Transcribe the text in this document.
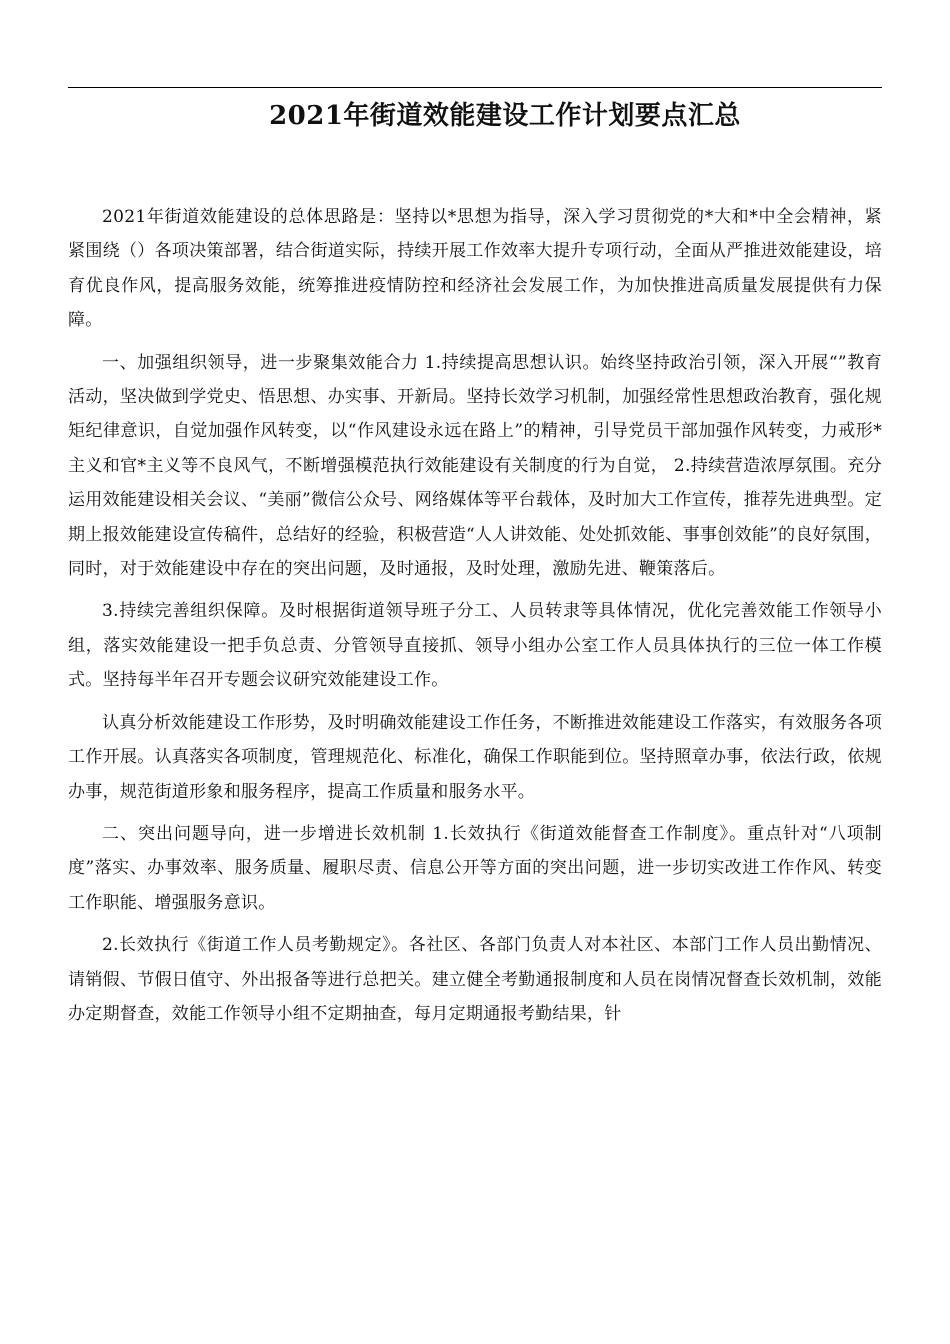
2021年街道效能建设工作计划要点汇总

2021年街道效能建设的总体思路是：坚持以*思想为指导，深入学习贯彻党的*大和*中全会精神，紧紧围绕（）各项决策部署，结合街道实际，持续开展工作效率大提升专项行动，全面从严推进效能建设，培育优良作风，提高服务效能，统筹推进疫情防控和经济社会发展工作，为加快推进高质量发展提供有力保障。

一、加强组织领导，进一步聚集效能合力 1.持续提高思想认识。始终坚持政治引领，深入开展“”教育活动，坚决做到学党史、悟思想、办实事、开新局。坚持长效学习机制，加强经常性思想政治教育，强化规矩纪律意识，自觉加强作风转变，以“作风建设永远在路上”的精神，引导党员干部加强作风转变，力戒形*主义和官*主义等不良风气，不断增强模范执行效能建设有关制度的行为自觉， 2.持续营造浓厚氛围。充分运用效能建设相关会议、“美丽”微信公众号、网络媒体等平台载体，及时加大工作宣传，推荐先进典型。定期上报效能建设宣传稿件，总结好的经验，积极营造“人人讲效能、处处抓效能、事事创效能”的良好氛围，同时，对于效能建设中存在的突出问题，及时通报，及时处理，激励先进、鞭策落后。

3.持续完善组织保障。及时根据街道领导班子分工、人员转隶等具体情况，优化完善效能工作领导小组，落实效能建设一把手负总责、分管领导直接抓、领导小组办公室工作人员具体执行的三位一体工作模式。坚持每半年召开专题会议研究效能建设工作。

认真分析效能建设工作形势，及时明确效能建设工作任务，不断推进效能建设工作落实，有效服务各项工作开展。认真落实各项制度，管理规范化、标准化，确保工作职能到位。坚持照章办事，依法行政，依规办事，规范街道形象和服务程序，提高工作质量和服务水平。

二、突出问题导向，进一步增进长效机制 1.长效执行《街道效能督查工作制度》。重点针对“八项制度”落实、办事效率、服务质量、履职尽责、信息公开等方面的突出问题，进一步切实改进工作作风、转变工作职能、增强服务意识。

2.长效执行《街道工作人员考勤规定》。各社区、各部门负责人对本社区、本部门工作人员出勤情况、请销假、节假日值守、外出报备等进行总把关。建立健全考勤通报制度和人员在岗情况督查长效机制，效能办定期督查，效能工作领导小组不定期抽查，每月定期通报考勤结果，针
